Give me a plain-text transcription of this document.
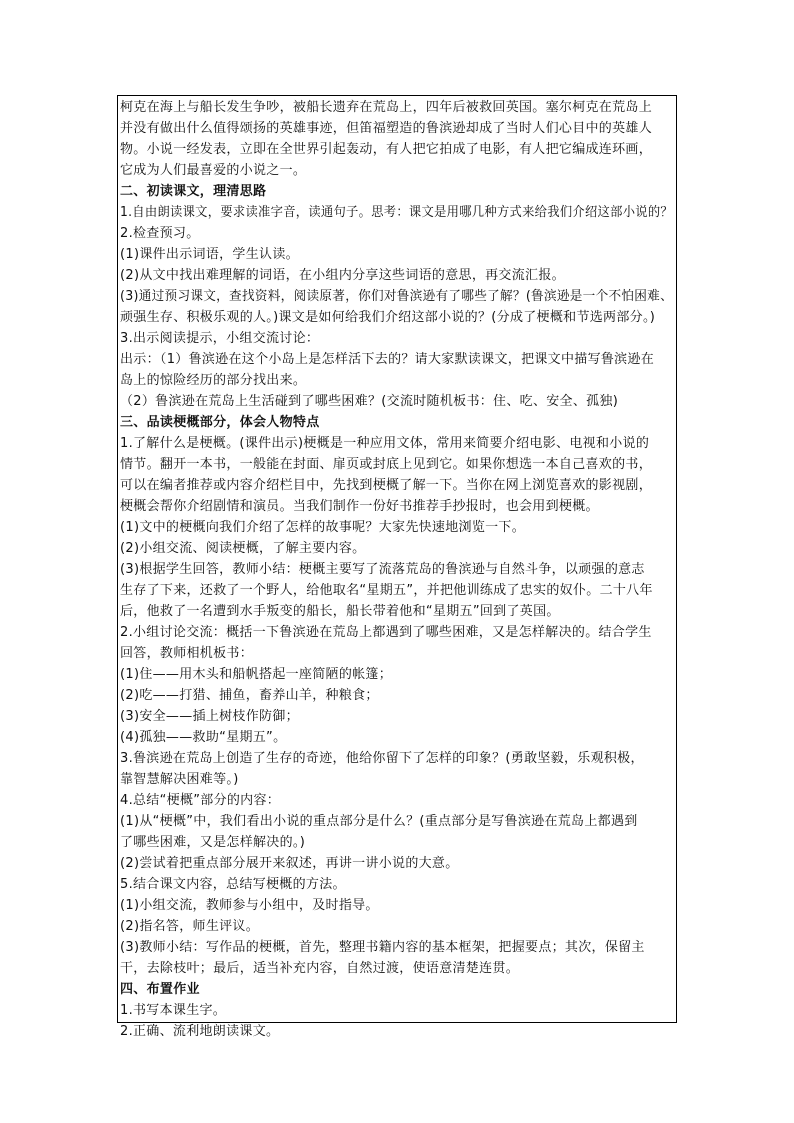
柯克在海上与船长发生争吵，被船长遗弃在荒岛上，四年后被救回英国。塞尔柯克在荒岛上
并没有做出什么值得颂扬的英雄事迹，但笛福塑造的鲁滨逊却成了当时人们心目中的英雄人
物。小说一经发表，立即在全世界引起轰动，有人把它拍成了电影，有人把它编成连环画，
它成为人们最喜爱的小说之一。
二、初读课文，理清思路
1.自由朗读课文，要求读准字音，读通句子。思考：课文是用哪几种方式来给我们介绍这部小说的？
2.检查预习。
(1)课件出示词语，学生认读。
(2)从文中找出难理解的词语，在小组内分享这些词语的意思，再交流汇报。
(3)通过预习课文，查找资料，阅读原著，你们对鲁滨逊有了哪些了解？(鲁滨逊是一个不怕困难、
顽强生存、积极乐观的人。)课文是如何给我们介绍这部小说的？(分成了梗概和节选两部分。)
3.出示阅读提示，小组交流讨论：
出示：（1）鲁滨逊在这个小岛上是怎样活下去的？请大家默读课文，把课文中描写鲁滨逊在
岛上的惊险经历的部分找出来。
（2）鲁滨逊在荒岛上生活碰到了哪些困难？(交流时随机板书：住、吃、安全、孤独)
三、品读梗概部分，体会人物特点
1.了解什么是梗概。(课件出示)梗概是一种应用文体，常用来简要介绍电影、电视和小说的
情节。翻开一本书，一般能在封面、扉页或封底上见到它。如果你想选一本自己喜欢的书，
可以在编者推荐或内容介绍栏目中，先找到梗概了解一下。当你在网上浏览喜欢的影视剧，
梗概会帮你介绍剧情和演员。当我们制作一份好书推荐手抄报时，也会用到梗概。
(1)文中的梗概向我们介绍了怎样的故事呢？大家先快速地浏览一下。
(2)小组交流、阅读梗概，了解主要内容。
(3)根据学生回答，教师小结：梗概主要写了流落荒岛的鲁滨逊与自然斗争，以顽强的意志
生存了下来，还救了一个野人，给他取名“星期五”，并把他训练成了忠实的奴仆。二十八年
后，他救了一名遭到水手叛变的船长，船长带着他和“星期五”回到了英国。
2.小组讨论交流：概括一下鲁滨逊在荒岛上都遇到了哪些困难，又是怎样解决的。结合学生
回答，教师相机板书：
(1)住——用木头和船帆搭起一座简陋的帐篷；
(2)吃——打猎、捕鱼，畜养山羊，种粮食；
(3)安全——插上树枝作防御；
(4)孤独——救助“星期五”。
3.鲁滨逊在荒岛上创造了生存的奇迹，他给你留下了怎样的印象？(勇敢坚毅，乐观积极，
靠智慧解决困难等。)
4.总结“梗概”部分的内容：
(1)从“梗概”中，我们看出小说的重点部分是什么？(重点部分是写鲁滨逊在荒岛上都遇到
了哪些困难，又是怎样解决的。)
(2)尝试着把重点部分展开来叙述，再讲一讲小说的大意。
5.结合课文内容，总结写梗概的方法。
(1)小组交流，教师参与小组中，及时指导。
(2)指名答，师生评议。
(3)教师小结：写作品的梗概，首先，整理书籍内容的基本框架，把握要点；其次，保留主
干，去除枝叶；最后，适当补充内容，自然过渡，使语意清楚连贯。
四、布置作业
1.书写本课生字。
2.正确、流利地朗读课文。
